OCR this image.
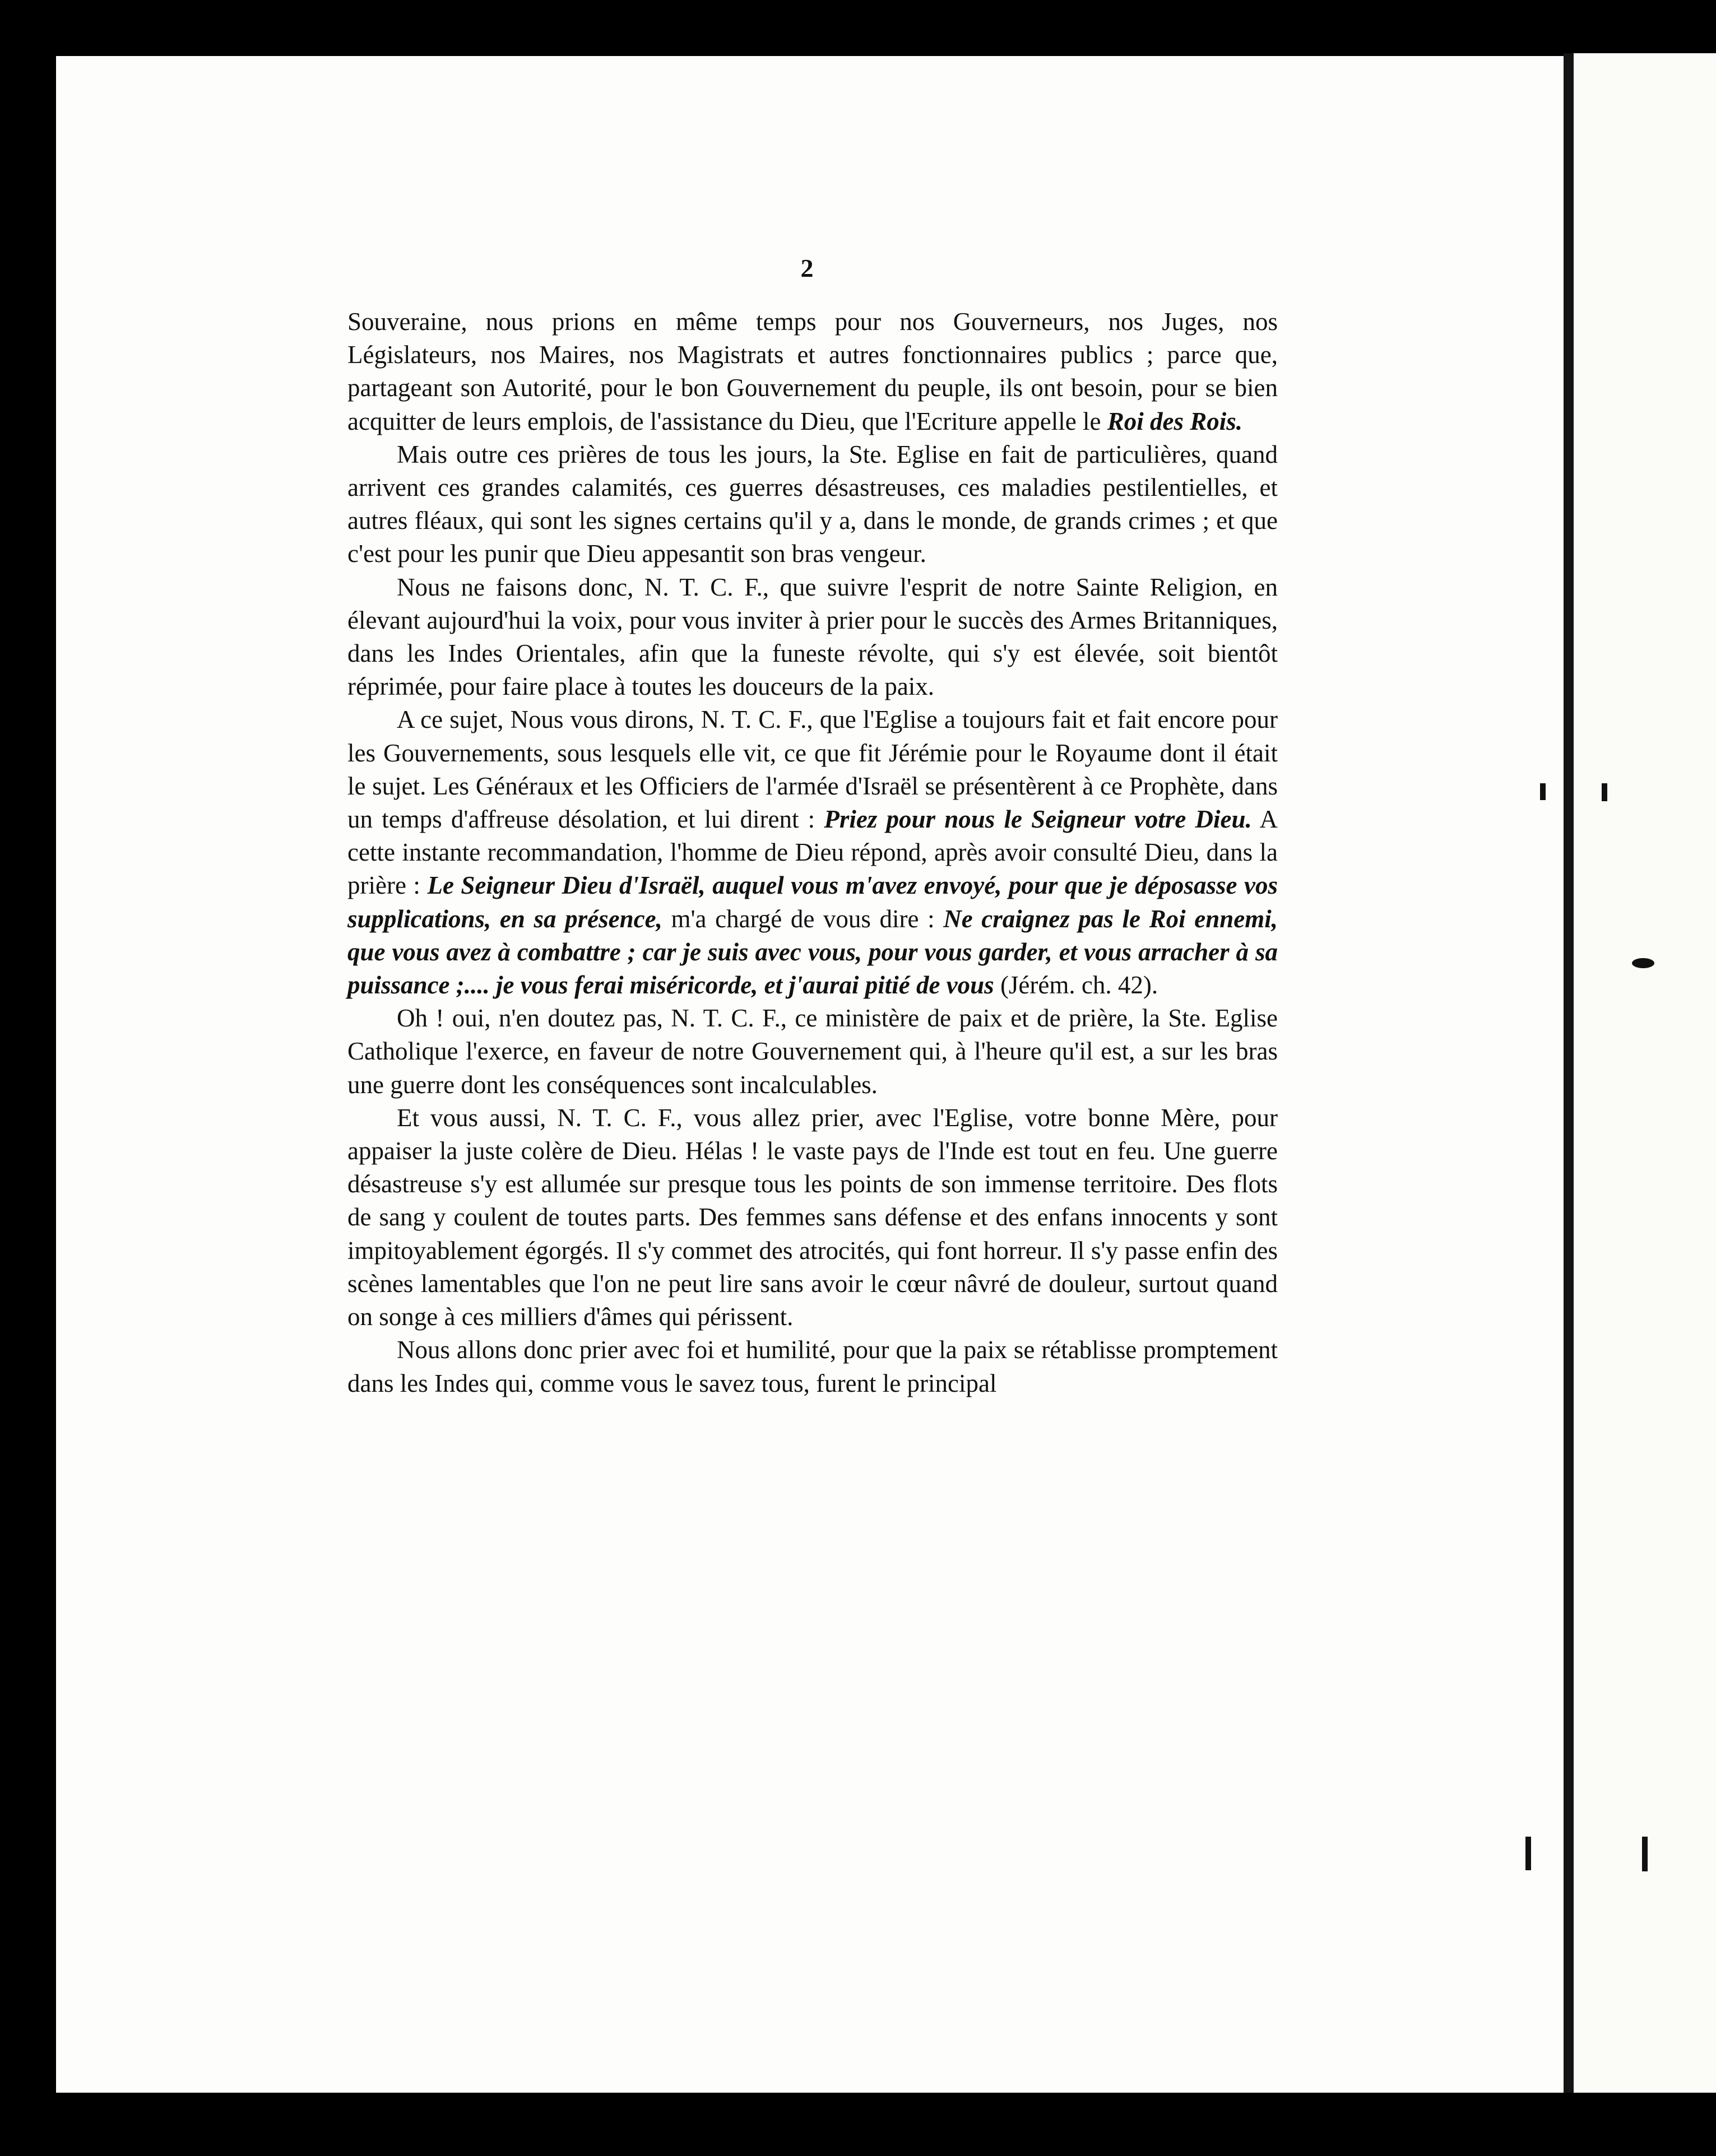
2

Souveraine, nous prions en même temps pour nos Gouverneurs, nos Juges, nos Législateurs, nos Maires, nos Magistrats et autres fonctionnaires publics ; parce que, partageant son Autorité, pour le bon Gouvernement du peuple, ils ont besoin, pour se bien acquitter de leurs emplois, de l'assistance du Dieu, que l'Ecriture appelle le Roi des Rois.

Mais outre ces prières de tous les jours, la Ste. Eglise en fait de particulières, quand arrivent ces grandes calamités, ces guerres désastreuses, ces maladies pestilentielles, et autres fléaux, qui sont les signes certains qu'il y a, dans le monde, de grands crimes ; et que c'est pour les punir que Dieu appesantit son bras vengeur.

Nous ne faisons donc, N. T. C. F., que suivre l'esprit de notre Sainte Religion, en élevant aujourd'hui la voix, pour vous inviter à prier pour le succès des Armes Britanniques, dans les Indes Orientales, afin que la funeste révolte, qui s'y est élevée, soit bientôt réprimée, pour faire place à toutes les douceurs de la paix.

A ce sujet, Nous vous dirons, N. T. C. F., que l'Eglise a toujours fait et fait encore pour les Gouvernements, sous lesquels elle vit, ce que fit Jérémie pour le Royaume dont il était le sujet. Les Généraux et les Officiers de l'armée d'Israël se présentèrent à ce Prophète, dans un temps d'affreuse désolation, et lui dirent : Priez pour nous le Seigneur votre Dieu. A cette instante recommandation, l'homme de Dieu répond, après avoir consulté Dieu, dans la prière : Le Seigneur Dieu d'Israël, auquel vous m'avez envoyé, pour que je déposasse vos supplications, en sa présence, m'a chargé de vous dire : Ne craignez pas le Roi ennemi, que vous avez à combattre ; car je suis avec vous, pour vous garder, et vous arracher à sa puissance ;.... je vous ferai miséricorde, et j'aurai pitié de vous (Jérém. ch. 42).

Oh ! oui, n'en doutez pas, N. T. C. F., ce ministère de paix et de prière, la Ste. Eglise Catholique l'exerce, en faveur de notre Gouvernement qui, à l'heure qu'il est, a sur les bras une guerre dont les conséquences sont incalculables.

Et vous aussi, N. T. C. F., vous allez prier, avec l'Eglise, votre bonne Mère, pour appaiser la juste colère de Dieu. Hélas ! le vaste pays de l'Inde est tout en feu. Une guerre désastreuse s'y est allumée sur presque tous les points de son immense territoire. Des flots de sang y coulent de toutes parts. Des femmes sans défense et des enfans innocents y sont impitoyablement égorgés. Il s'y commet des atrocités, qui font horreur. Il s'y passe enfin des scènes lamentables que l'on ne peut lire sans avoir le cœur nâvré de douleur, surtout quand on songe à ces milliers d'âmes qui périssent.

Nous allons donc prier avec foi et humilité, pour que la paix se rétablisse promptement dans les Indes qui, comme vous le savez tous, furent le principal
